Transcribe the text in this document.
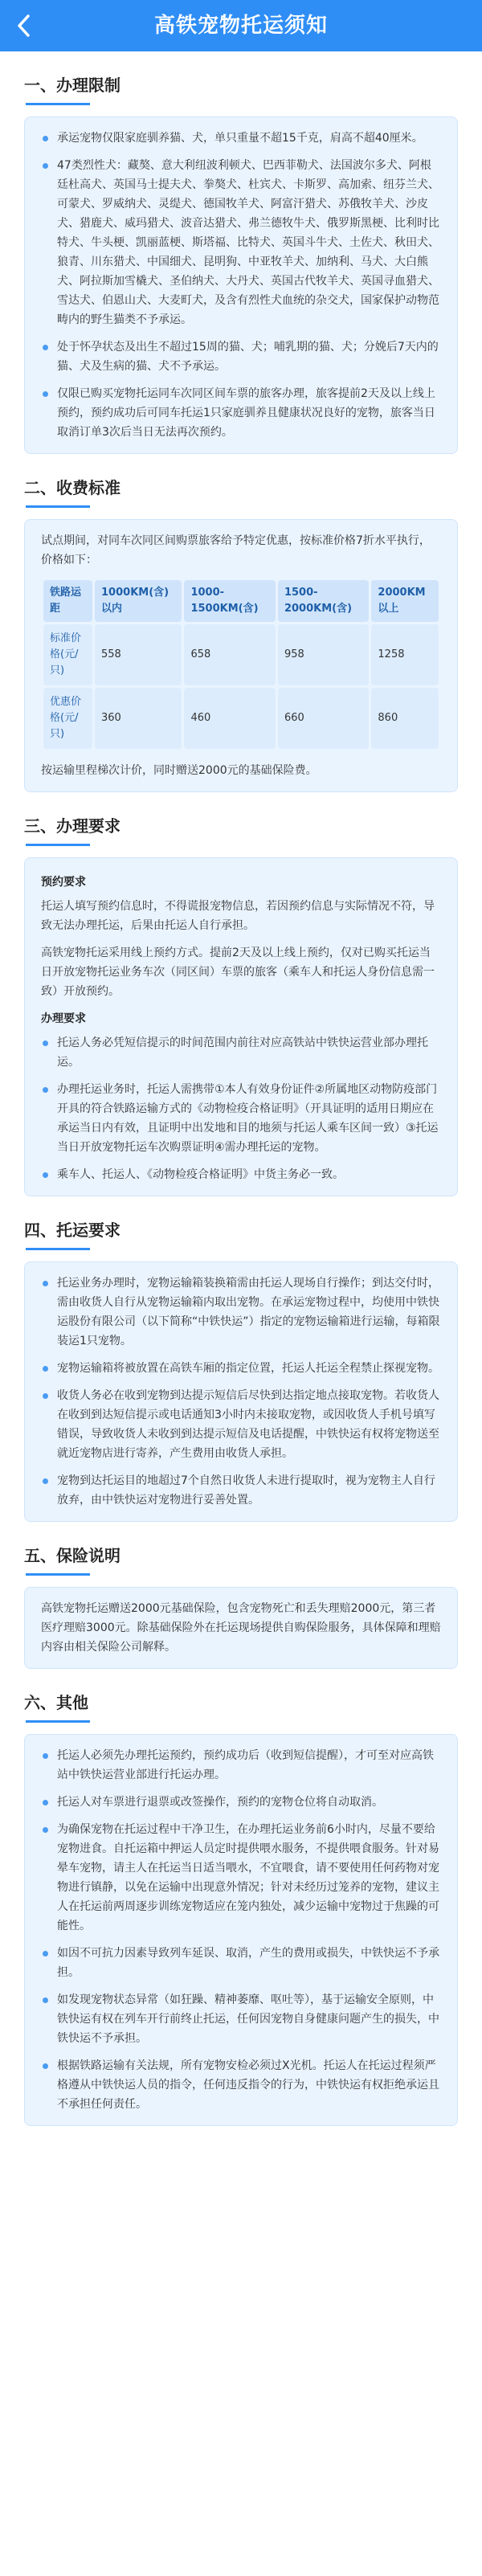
高铁宠物托运须知
一、 办理限制
承运宠物仅限家庭驯养猫、犬，单只重量不超15千克，肩高不超40厘米。
47类烈性犬：藏獒、意大利纽波利顿犬、巴西菲勒犬、法国波尔多犬、阿根廷杜高犬、英国马士提夫犬、拳獒犬、杜宾犬、卡斯罗、高加索、纽芬兰犬、可蒙犬、罗威纳犬、灵缇犬、德国牧羊犬、阿富汗猎犬、苏俄牧羊犬、沙皮犬、猎鹿犬、威玛猎犬、波音达猎犬、弗兰德牧牛犬、俄罗斯黑梗、比利时比特犬、牛头梗、凯丽蓝梗、斯塔福、比特犬、英国斗牛犬、土佐犬、秋田犬、狼青、川东猎犬、中国细犬、昆明狗、中亚牧羊犬、加纳利、马犬、大白熊犬、阿拉斯加雪橇犬、圣伯纳犬、大丹犬、英国古代牧羊犬、英国寻血猎犬、雪达犬、伯恩山犬、大麦町犬，及含有烈性犬血统的杂交犬，国家保护动物范畴内的野生猫类不予承运。
处于怀孕状态及出生不超过15周的猫、犬；哺乳期的猫、犬；分娩后7天内的猫、犬及生病的猫、犬不予承运。
仅限已购买宠物托运同车次同区间车票的旅客办理，旅客提前2天及以上线上预约，预约成功后可同车托运1只家庭驯养且健康状况良好的宠物，旅客当日取消订单3次后当日无法再次预约。
二、 收费标准

试点期间，对同车次同区间购票旅客给予特定优惠，按标准价格7折水平执行，价格如下：

铁路运距	1000KM(含)以内	1000-1500KM(含)	1500-2000KM(含)	2000KM以上
标准价格(元/只)	558	658	958	1258
优惠价格(元/只)	360	460	660	860

按运输里程梯次计价，同时赠送2000元的基础保险费。

三、 办理要求
预约要求

托运人填写预约信息时，不得谎报宠物信息，若因预约信息与实际情况不符，导致无法办理托运，后果由托运人自行承担。

高铁宠物托运采用线上预约方式。提前2天及以上线上预约，仅对已购买托运当日开放宠物托运业务车次（同区间）车票的旅客（乘车人和托运人身份信息需一致）开放预约。

办理要求
托运人务必凭短信提示的时间范围内前往对应高铁站中铁快运营业部办理托运。
办理托运业务时，托运人需携带①本人有效身份证件②所属地区动物防疫部门开具的符合铁路运输方式的《动物检疫合格证明》（开具证明的适用日期应在承运当日内有效，且证明中出发地和目的地须与托运人乘车区间一致）③托运当日开放宠物托运车次购票证明④需办理托运的宠物。
乘车人、托运人、《动物检疫合格证明》中货主务必一致。
四、 托运要求
托运业务办理时，宠物运输箱装换箱需由托运人现场自行操作；到达交付时，需由收货人自行从宠物运输箱内取出宠物。在承运宠物过程中，均使用中铁快运股份有限公司（以下简称“中铁快运”）指定的宠物运输箱进行运输，每箱限装运1只宠物。
宠物运输箱将被放置在高铁车厢的指定位置，托运人托运全程禁止探视宠物。
收货人务必在收到宠物到达提示短信后尽快到达指定地点接取宠物。若收货人在收到到达短信提示或电话通知3小时内未接取宠物，或因收货人手机号填写错误，导致收货人未收到到达提示短信及电话提醒，中铁快运有权将宠物送至就近宠物店进行寄养，产生费用由收货人承担。
宠物到达托运目的地超过7个自然日收货人未进行提取时，视为宠物主人自行放弃，由中铁快运对宠物进行妥善处置。
五、 保险说明

高铁宠物托运赠送2000元基础保险，包含宠物死亡和丢失理赔2000元，第三者医疗理赔3000元。除基础保险外在托运现场提供自购保险服务，具体保障和理赔内容由相关保险公司解释。

六、 其他
托运人必须先办理托运预约，预约成功后（收到短信提醒），才可至对应高铁站中铁快运营业部进行托运办理。
托运人对车票进行退票或改签操作，预约的宠物仓位将自动取消。
为确保宠物在托运过程中干净卫生，在办理托运业务前6小时内，尽量不要给宠物进食。自托运箱中押运人员定时提供喂水服务，不提供喂食服务。针对易晕车宠物，请主人在托运当日适当喂水，不宜喂食，请不要使用任何药物对宠物进行镇静，以免在运输中出现意外情况；针对未经历过笼养的宠物，建议主人在托运前两周逐步训练宠物适应在笼内独处，减少运输中宠物过于焦躁的可能性。
如因不可抗力因素导致列车延误、取消，产生的费用或损失，中铁快运不予承担。
如发现宠物状态异常（如狂躁、精神萎靡、呕吐等），基于运输安全原则，中铁快运有权在列车开行前终止托运，任何因宠物自身健康问题产生的损失，中铁快运不予承担。
根据铁路运输有关法规，所有宠物安检必须过X光机。托运人在托运过程须严格遵从中铁快运人员的指令，任何违反指令的行为，中铁快运有权拒绝承运且不承担任何责任。
